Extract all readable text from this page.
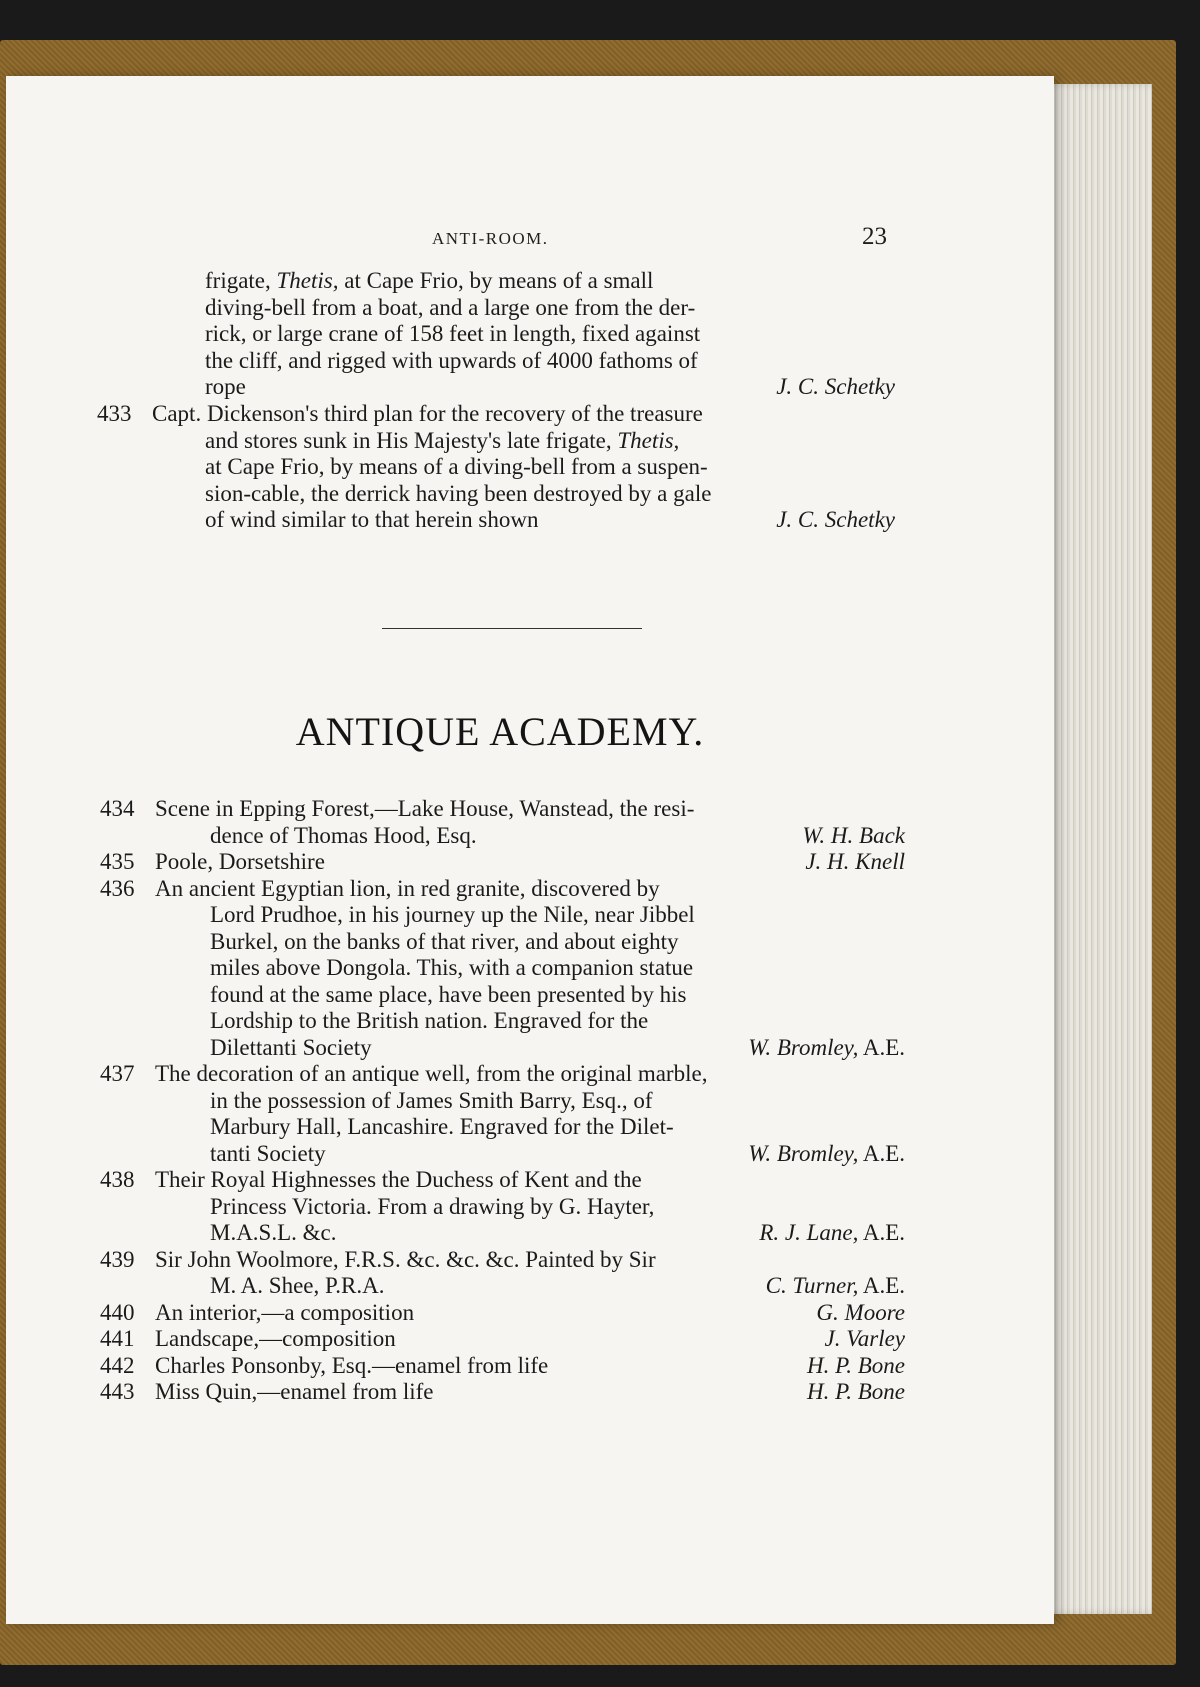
ANTI-ROOM.	23
frigate, Thetis, at Cape Frio, by means of a small
diving-bell from a boat, and a large one from the der-
rick, or large crane of 158 feet in length, fixed against
the cliff, and rigged with upwards of 4000 fathoms of
rope	J. C. Schetky
433 Capt. Dickenson's third plan for the recovery of the treasure
and stores sunk in His Majesty's late frigate, Thetis,
at Cape Frio, by means of a diving-bell from a suspen-
sion-cable, the derrick having been destroyed by a gale
of wind similar to that herein shown	J. C. Schetky
ANTIQUE ACADEMY.
434 Scene in Epping Forest,—Lake House, Wanstead, the resi-
dence of Thomas Hood, Esq.	W. H. Back
435 Poole, Dorsetshire	J. H. Knell
436 An ancient Egyptian lion, in red granite, discovered by
Lord Prudhoe, in his journey up the Nile, near Jibbel
Burkel, on the banks of that river, and about eighty
miles above Dongola. This, with a companion statue
found at the same place, have been presented by his
Lordship to the British nation. Engraved for the
Dilettanti Society	W. Bromley, A.E.
437 The decoration of an antique well, from the original marble,
in the possession of James Smith Barry, Esq., of
Marbury Hall, Lancashire. Engraved for the Dilet-
tanti Society	W. Bromley, A.E.
438 Their Royal Highnesses the Duchess of Kent and the
Princess Victoria. From a drawing by G. Hayter,
M.A.S.L. &c.	R. J. Lane, A.E.
439 Sir John Woolmore, F.R.S. &c. &c. &c. Painted by Sir
M. A. Shee, P.R.A.	C. Turner, A.E.
440 An interior,—a composition	G. Moore
441 Landscape,—composition	J. Varley
442 Charles Ponsonby, Esq.—enamel from life	H. P. Bone
443 Miss Quin,—enamel from life	H. P. Bone
